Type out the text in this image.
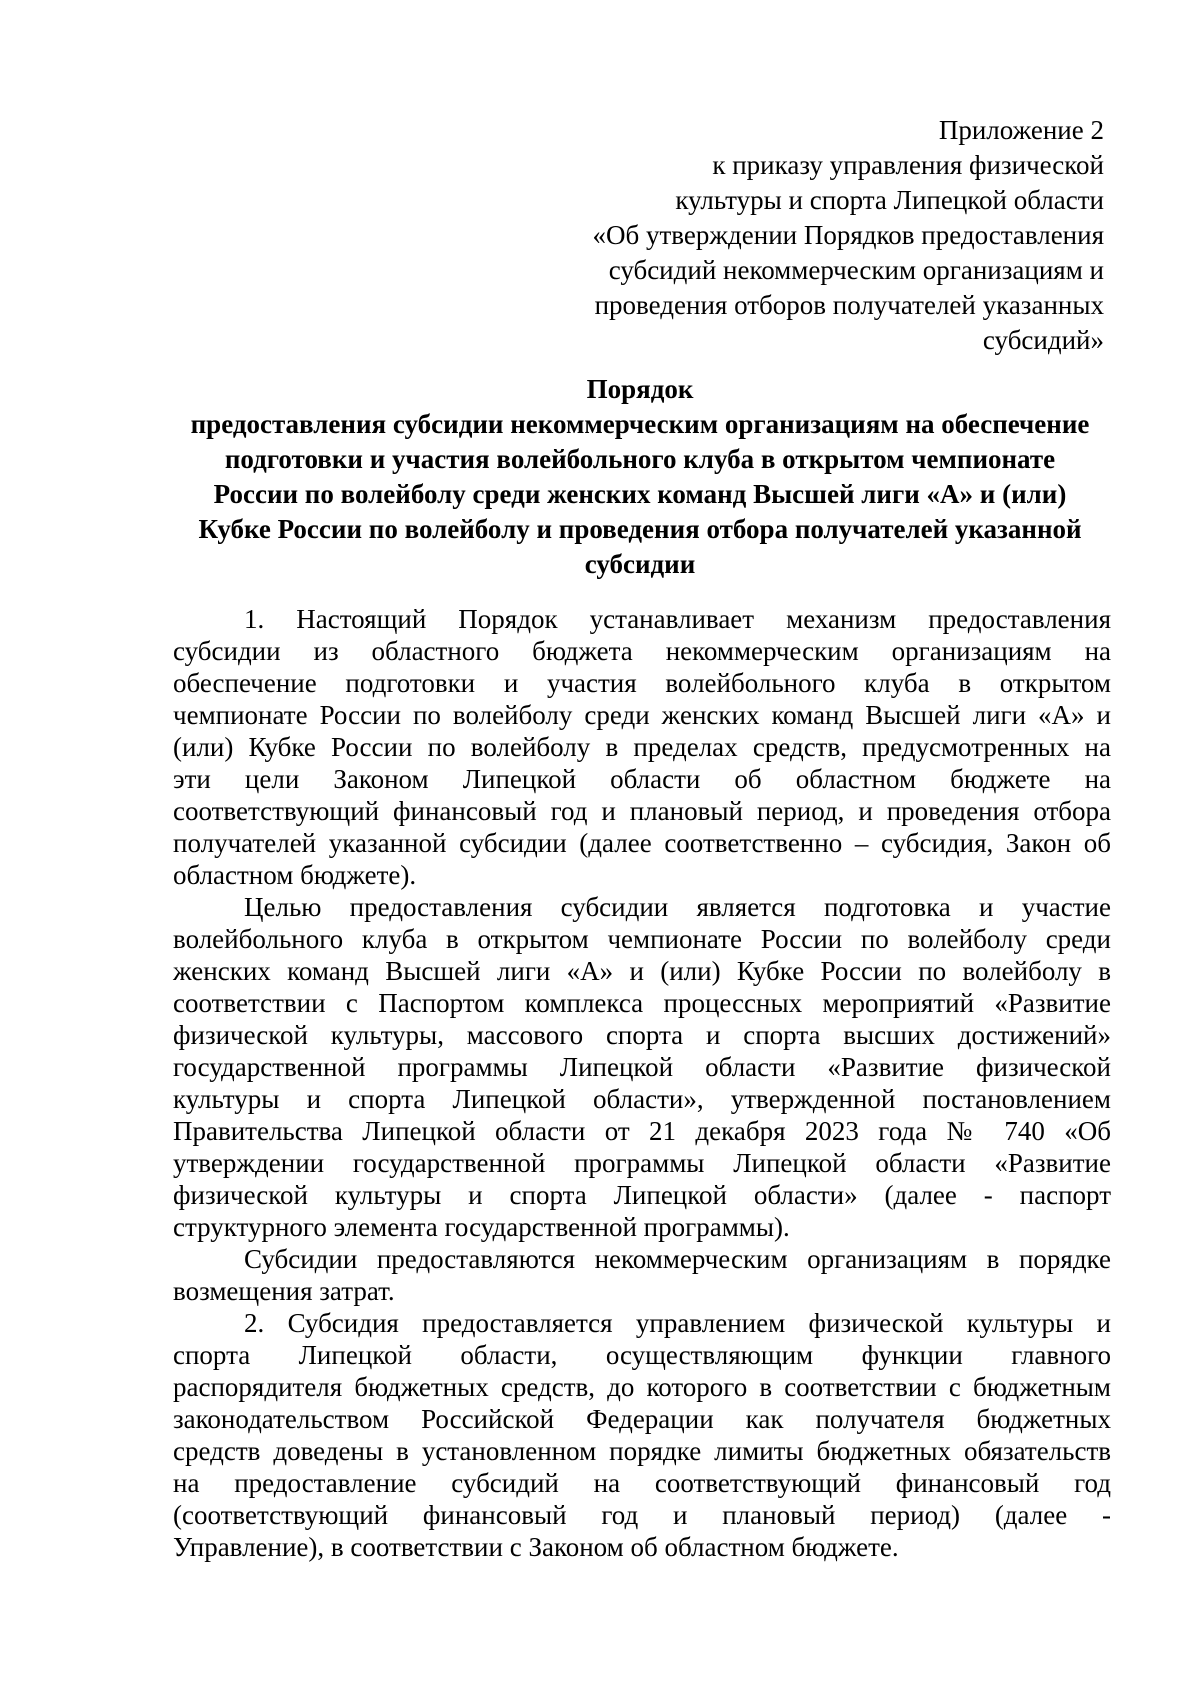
Приложение 2
к приказу управления физической
культуры и спорта Липецкой области
«Об утверждении Порядков предоставления
субсидий некоммерческим организациям и
проведения отборов получателей указанных
субсидий»
Порядок
предоставления субсидии некоммерческим организациям на обеспечение
подготовки и участия волейбольного клуба в открытом чемпионате
России по волейболу среди женских команд Высшей лиги «А» и (или)
Кубке России по волейболу и проведения отбора получателей указанной
субсидии
1. Настоящий Порядок устанавливает механизм предоставления
субсидии из областного бюджета некоммерческим организациям на
обеспечение подготовки и участия волейбольного клуба в открытом
чемпионате России по волейболу среди женских команд Высшей лиги «А» и
(или) Кубке России по волейболу в пределах средств, предусмотренных на
эти цели Законом Липецкой области об областном бюджете на
соответствующий финансовый год и плановый период, и проведения отбора
получателей указанной субсидии (далее соответственно – субсидия, Закон об
областном бюджете).
Целью предоставления субсидии является подготовка и участие
волейбольного клуба в открытом чемпионате России по волейболу среди
женских команд Высшей лиги «А» и (или) Кубке России по волейболу в
соответствии с Паспортом комплекса процессных мероприятий «Развитие
физической культуры, массового спорта и спорта высших достижений»
государственной программы Липецкой области «Развитие физической
культуры и спорта Липецкой области», утвержденной постановлением
Правительства Липецкой области от 21 декабря 2023 года № 740 «Об
утверждении государственной программы Липецкой области «Развитие
физической культуры и спорта Липецкой области» (далее - паспорт
структурного элемента государственной программы).
Субсидии предоставляются некоммерческим организациям в порядке
возмещения затрат.
2. Субсидия предоставляется управлением физической культуры и
спорта Липецкой области, осуществляющим функции главного
распорядителя бюджетных средств, до которого в соответствии с бюджетным
законодательством Российской Федерации как получателя бюджетных
средств доведены в установленном порядке лимиты бюджетных обязательств
на предоставление субсидий на соответствующий финансовый год
(соответствующий финансовый год и плановый период) (далее -
Управление), в соответствии с Законом об областном бюджете.
